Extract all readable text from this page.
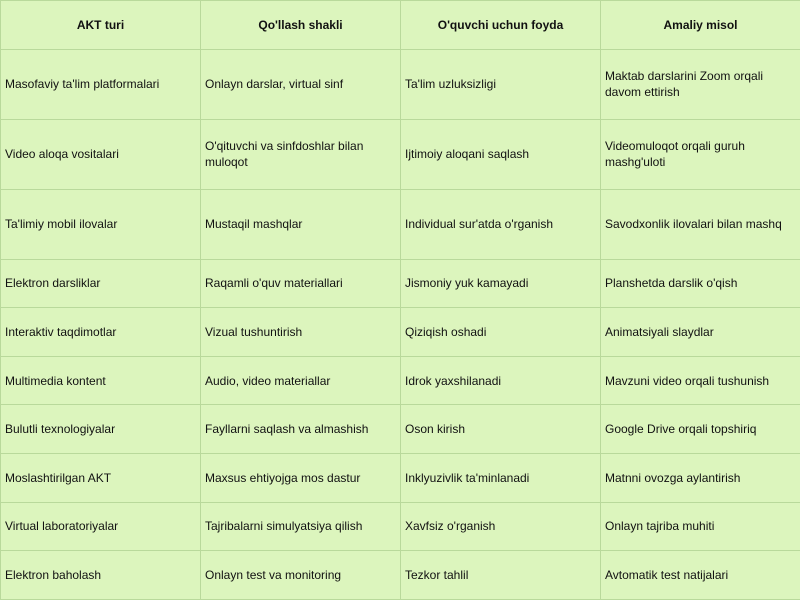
AKT turi	Qo'llash shakli	O'quvchi uchun foyda	Amaliy misol
Masofaviy ta'lim platformalari	Onlayn darslar, virtual sinf	Ta'lim uzluksizligi	Maktab darslarini Zoom orqali davom ettirish
Video aloqa vositalari	O'qituvchi va sinfdoshlar bilan muloqot	Ijtimoiy aloqani saqlash	Videomuloqot orqali guruh mashg'uloti
Ta'limiy mobil ilovalar	Mustaqil mashqlar	Individual sur'atda o'rganish	Savodxonlik ilovalari bilan mashq
Elektron darsliklar	Raqamli o'quv materiallari	Jismoniy yuk kamayadi	Planshetda darslik o'qish
Interaktiv taqdimotlar	Vizual tushuntirish	Qiziqish oshadi	Animatsiyali slaydlar
Multimedia kontent	Audio, video materiallar	Idrok yaxshilanadi	Mavzuni video orqali tushunish
Bulutli texnologiyalar	Fayllarni saqlash va almashish	Oson kirish	Google Drive orqali topshiriq
Moslashtirilgan AKT	Maxsus ehtiyojga mos dastur	Inklyuzivlik ta'minlanadi	Matnni ovozga aylantirish
Virtual laboratoriyalar	Tajribalarni simulyatsiya qilish	Xavfsiz o'rganish	Onlayn tajriba muhiti
Elektron baholash	Onlayn test va monitoring	Tezkor tahlil	Avtomatik test natijalari
